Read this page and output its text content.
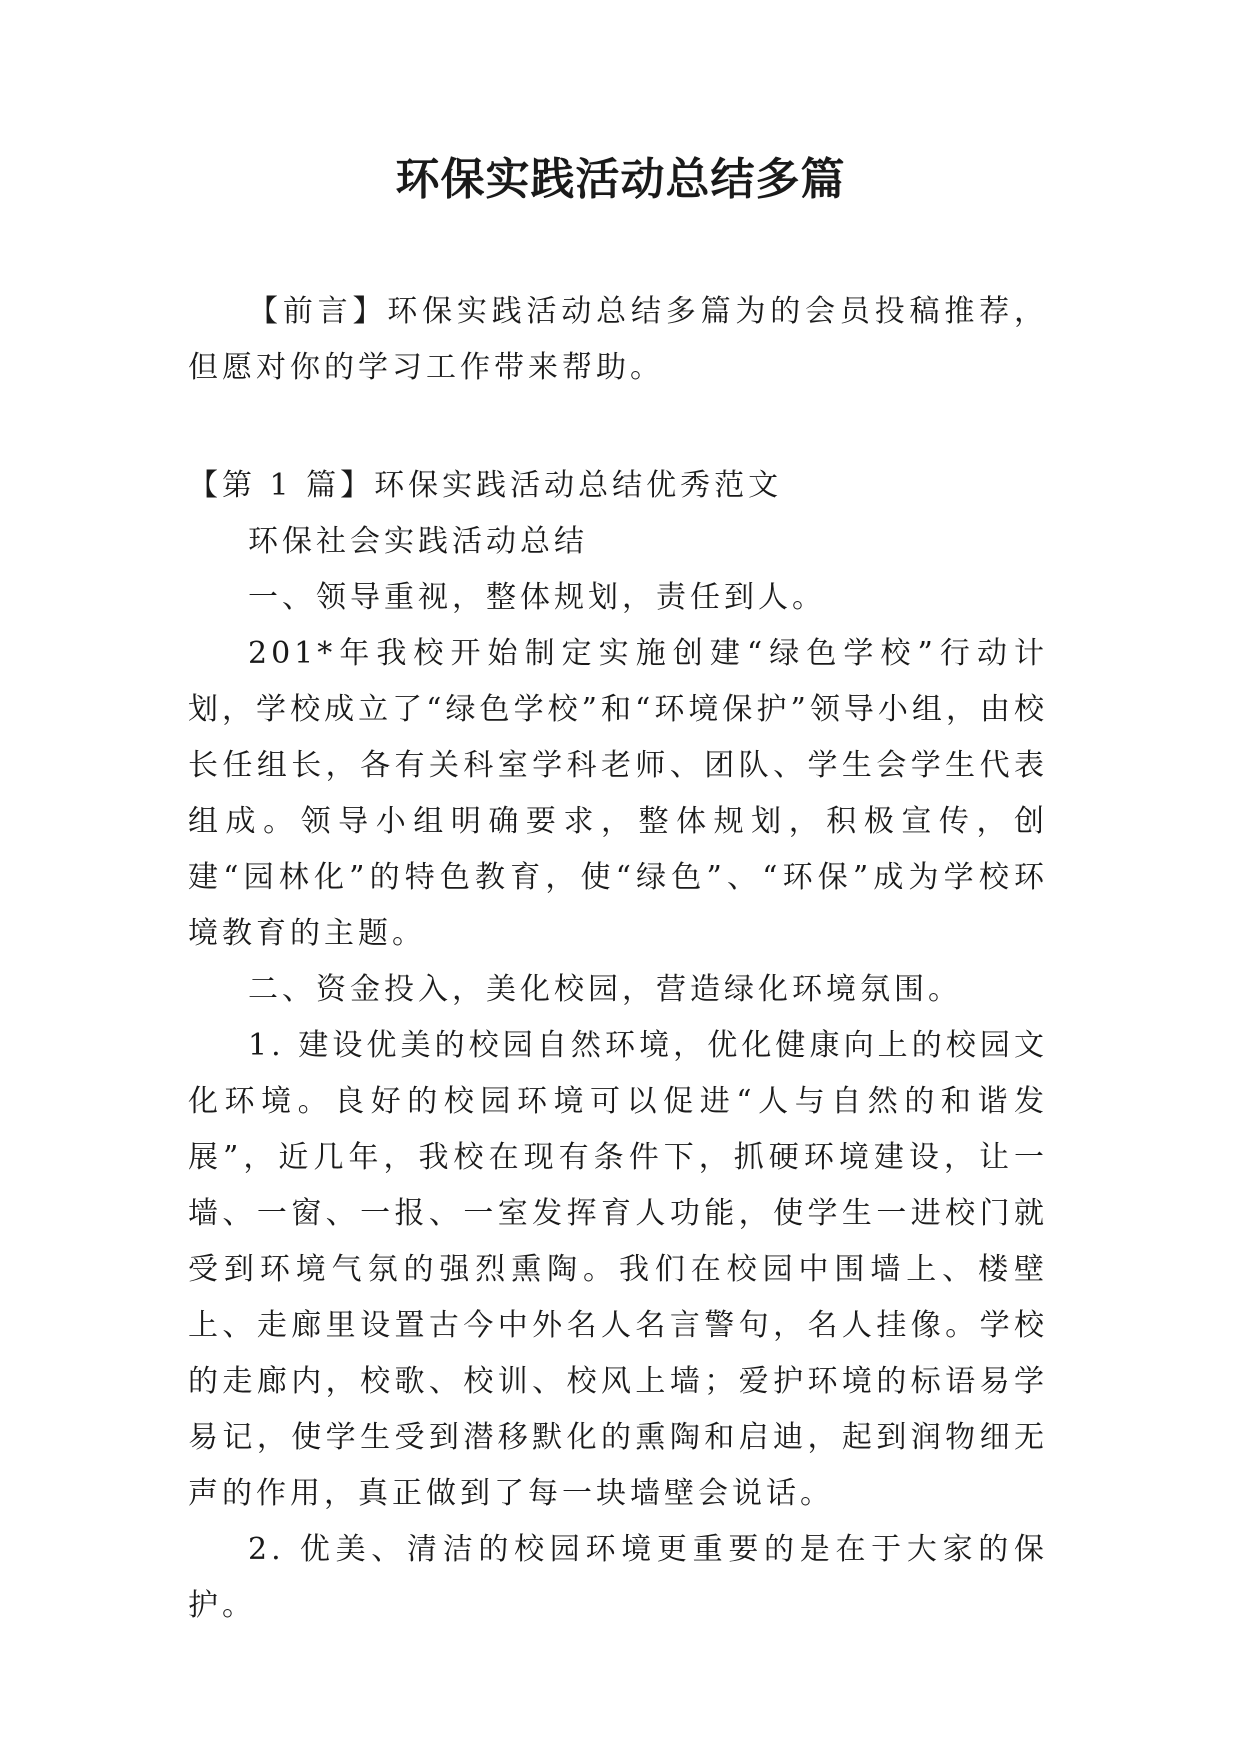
环保实践活动总结多篇

【前言】环保实践活动总结多篇为的会员投稿推荐，但愿对你的学习工作带来帮助。

【第 1 篇】环保实践活动总结优秀范文

环保社会实践活动总结

一、领导重视，整体规划，责任到人。

201*年我校开始制定实施创建“绿色学校”行动计划，学校成立了“绿色学校”和“环境保护”领导小组，由校长任组长，各有关科室学科老师、团队、学生会学生代表组成。领导小组明确要求，整体规划，积极宣传，创建“园林化”的特色教育，使“绿色”、“环保”成为学校环境教育的主题。

二、资金投入，美化校园，营造绿化环境氛围。

1. 建设优美的校园自然环境，优化健康向上的校园文化环境。良好的校园环境可以促进“人与自然的和谐发展”，近几年，我校在现有条件下，抓硬环境建设，让一墙、一窗、一报、一室发挥育人功能，使学生一进校门就受到环境气氛的强烈熏陶。我们在校园中围墙上、楼壁上、走廊里设置古今中外名人名言警句，名人挂像。学校的走廊内，校歌、校训、校风上墙；爱护环境的标语易学易记，使学生受到潜移默化的熏陶和启迪，起到润物细无声的作用，真正做到了每一块墙壁会说话。

2. 优美、清洁的校园环境更重要的是在于大家的保护。
